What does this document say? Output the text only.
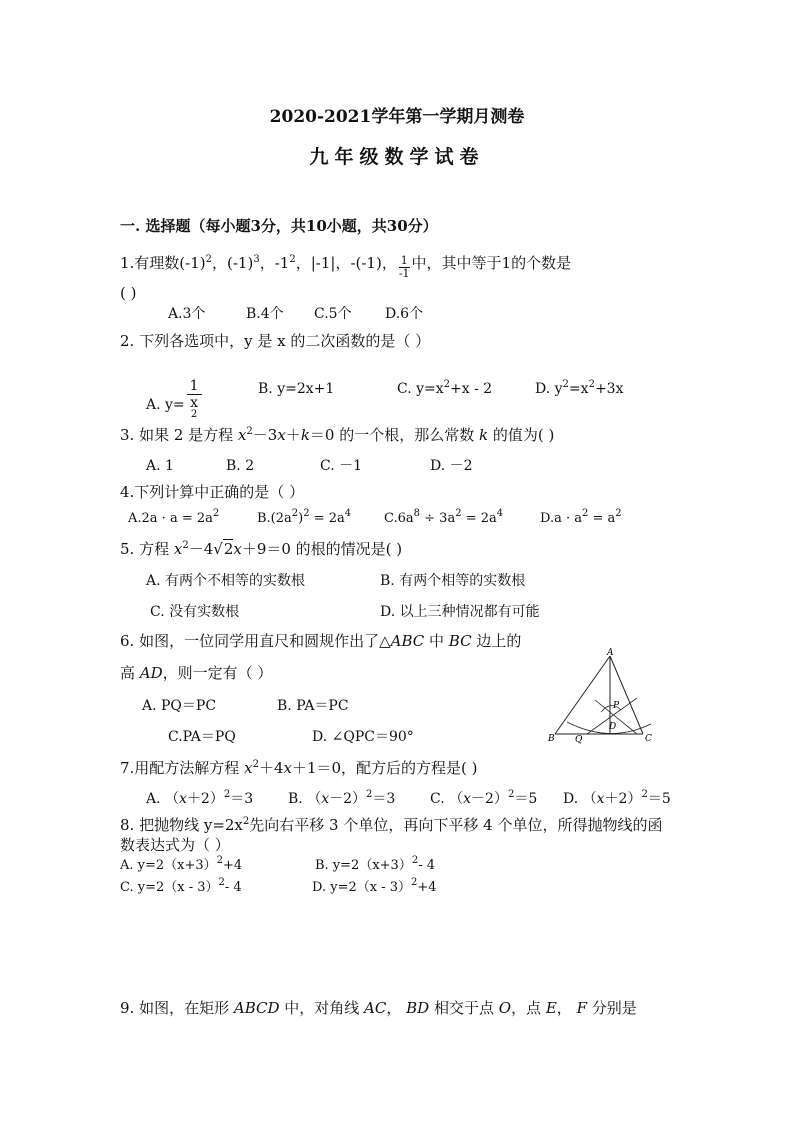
2020-2021学年第一学期月测卷
九年级数学试卷
一. 选择题（每小题3分，共10小题，共30分）
1.有理数$(-1)^2$，$(-1)^3$，$-1^2$，|-1|，-(-1)， $\frac{1}{-1}$ 中，其中等于1的个数是
( )
A.3个	B.4个 C.5个 D.6个
2. 下列各选项中，y 是 x 的二次函数的是（ ）
A. y= 1
x
$^2$	B. y=2x+1	C. $y=x^2+x - 2$	D. $y^2=x^2+3x$
3. 如果 2 是方程 $x^2-3x+k=0$ 的一个根，那么常数 k 的值为( )
A. 1	B. 2	C. －1	D. －2
4.下列计算中正确的是（ ）
$A.2a \cdot a = 2a^2$	$B.(2a^2)^2 = 2a^4$	$C.6a^8 \div 3a^2 = 2a^4$	$D.a \cdot a^2 = a^2$
5. 方程 $x^2-4√2x+9=0$ 的根的情况是( )
A. 有两个不相等的实数根	B. 有两个相等的实数根
C. 没有实数根	D. 以上三种情况都有可能
6. 如图，一位同学用直尺和圆规作出了△ABC 中 BC 边上的
高 AD，则一定有（ ）
A. PQ＝PC	B. PA＝PC
C.PA＝PQ	D. ∠QPC＝90°
A
B	C
D
P
Q
7.用配方法解方程 $x^2+4x+1=0$，配方后的方程是( )
A. $(x+2)^2=3$ B. $(x-2)^2=3$ C. $(x-2)^2=5$ D. $(x+2)^2=5$
8. 把抛物线 $y=2x^2$先向右平移 3 个单位，再向下平移 4 个单位，所得抛物线的函
数表达式为（ ）
A. $y=2(x+3)^2+4$	B. $y=2(x+3)^2-$ 4
C. y=2（x - 3）$^2$- 4	D. y=2（x - 3）$^2$+4
9. 如图，在矩形 ABCD 中，对角线 AC， BD 相交于点 O，点 E， F 分别是
